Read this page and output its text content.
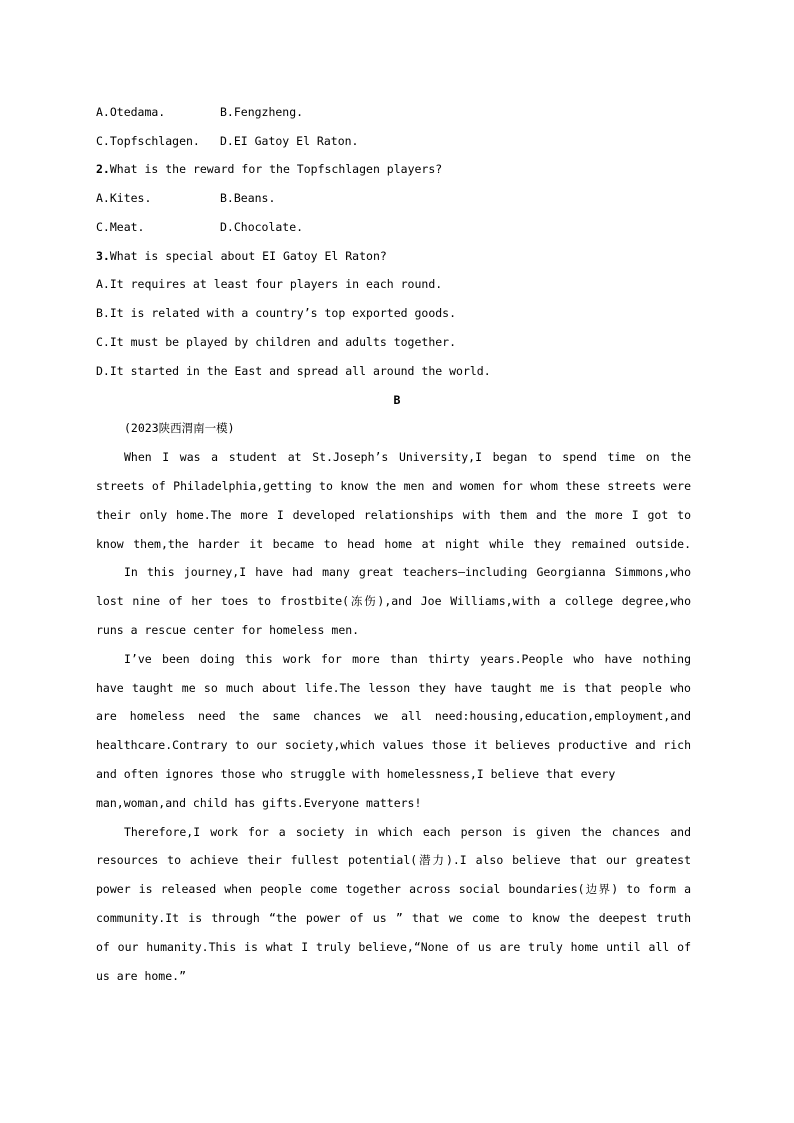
A.Otedama.	B.Fengzheng.
C.Topfschlagen. D.EI Gatoy El Raton.
2.What is the reward for the Topfschlagen players?
A.Kites.	B.Beans.
C.Meat.	D.Chocolate.
3.What is special about EI Gatoy El Raton?
A.It requires at least four players in each round.
B.It is related with a country’s top exported goods.
C.It must be played by children and adults together.
D.It started in the East and spread all around the world.
B
(2023陕西渭南一模)
When I was a student at St.Joseph’s University,I began to spend time on the
streets of Philadelphia,getting to know the men and women for whom these streets were
their only home.The more I developed relationships with them and the more I got to
know them,the harder it became to head home at night while they remained outside.
In this journey,I have had many great teachers—including Georgianna Simmons,who
lost nine of her toes to frostbite(冻伤),and Joe Williams,with a college degree,who
runs a rescue center for homeless men.
I’ve been doing this work for more than thirty years.People who have nothing
have taught me so much about life.The lesson they have taught me is that people who
are homeless need the same chances we all need:housing,education,employment,and
healthcare.Contrary to our society,which values those it believes productive and rich
and often ignores those who struggle with homelessness,I believe that every
man,woman,and child has gifts.Everyone matters!
Therefore,I work for a society in which each person is given the chances and
resources to achieve their fullest potential(潜力).I also believe that our greatest
power is released when people come together across social boundaries(边界) to form a
community.It is through “the power of us ” that we come to know the deepest truth
of our humanity.This is what I truly believe,“None of us are truly home until all of
us are home.”
